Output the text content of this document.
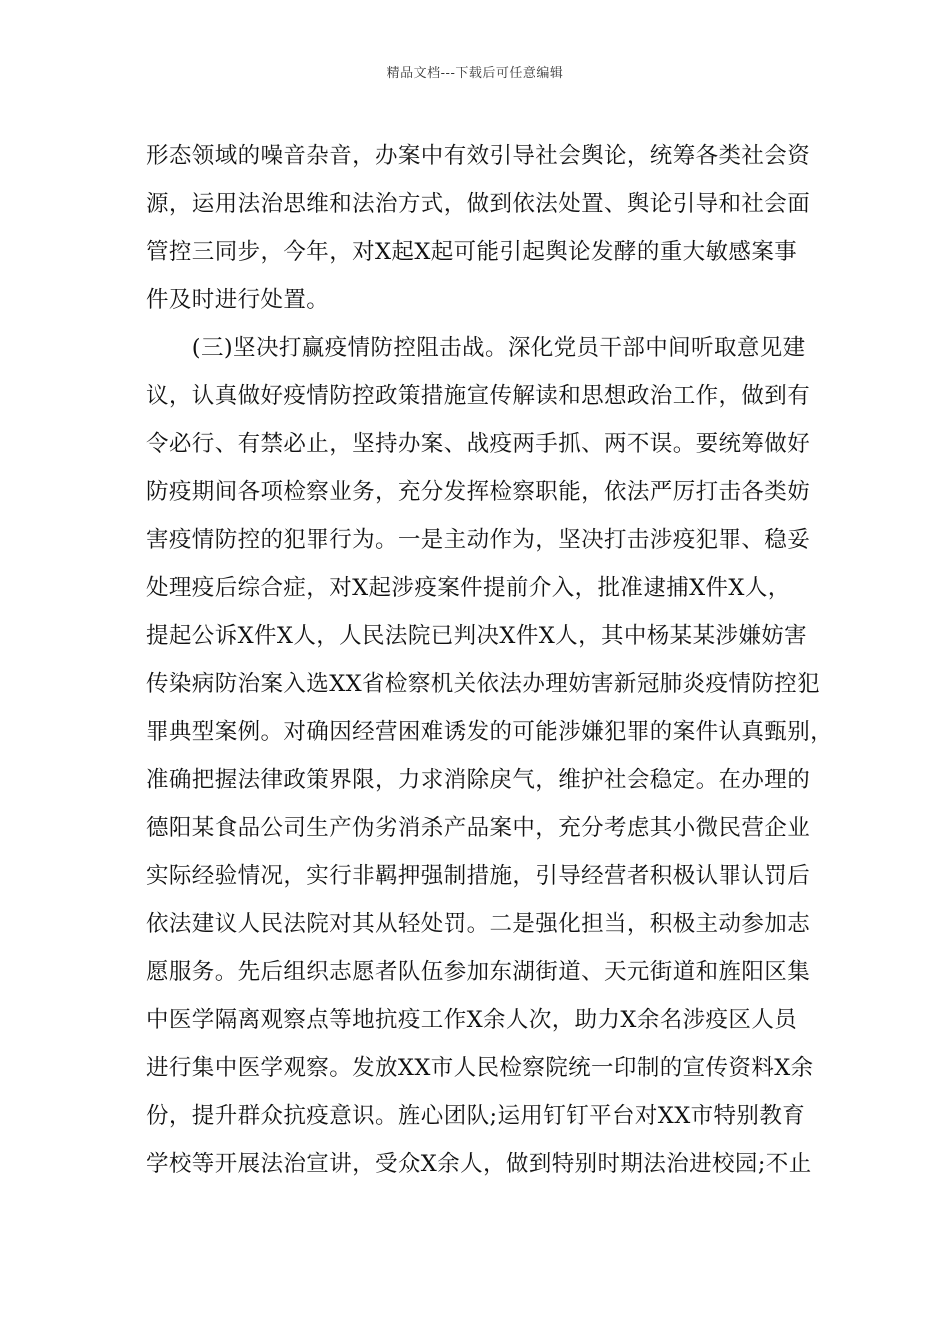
精品文档---下载后可任意编辑
形态领域的噪音杂音，办案中有效引导社会舆论，统筹各类社会资
源，运用法治思维和法治方式，做到依法处置、舆论引导和社会面
管控三同步，今年，对X起X起可能引起舆论发酵的重大敏感案事
件及时进行处置。
　　(三)坚决打赢疫情防控阻击战。深化党员干部中间听取意见建
议，认真做好疫情防控政策措施宣传解读和思想政治工作，做到有
令必行、有禁必止，坚持办案、战疫两手抓、两不误。要统筹做好
防疫期间各项检察业务，充分发挥检察职能，依法严厉打击各类妨
害疫情防控的犯罪行为。一是主动作为，坚决打击涉疫犯罪、稳妥
处理疫后综合症，对X起涉疫案件提前介入，批准逮捕X件X人，
提起公诉X件X人，人民法院已判决X件X人，其中杨某某涉嫌妨害
传染病防治案入选XX省检察机关依法办理妨害新冠肺炎疫情防控犯
罪典型案例。对确因经营困难诱发的可能涉嫌犯罪的案件认真甄别，
准确把握法律政策界限，力求消除戾气，维护社会稳定。在办理的
德阳某食品公司生产伪劣消杀产品案中，充分考虑其小微民营企业
实际经验情况，实行非羁押强制措施，引导经营者积极认罪认罚后
依法建议人民法院对其从轻处罚。二是强化担当，积极主动参加志
愿服务。先后组织志愿者队伍参加东湖街道、天元街道和旌阳区集
中医学隔离观察点等地抗疫工作X余人次，助力X余名涉疫区人员
进行集中医学观察。发放XX市人民检察院统一印制的宣传资料X余
份，提升群众抗疫意识。旌心团队;运用钉钉平台对XX市特别教育
学校等开展法治宣讲，受众X余人，做到特别时期法治进校园;不止
